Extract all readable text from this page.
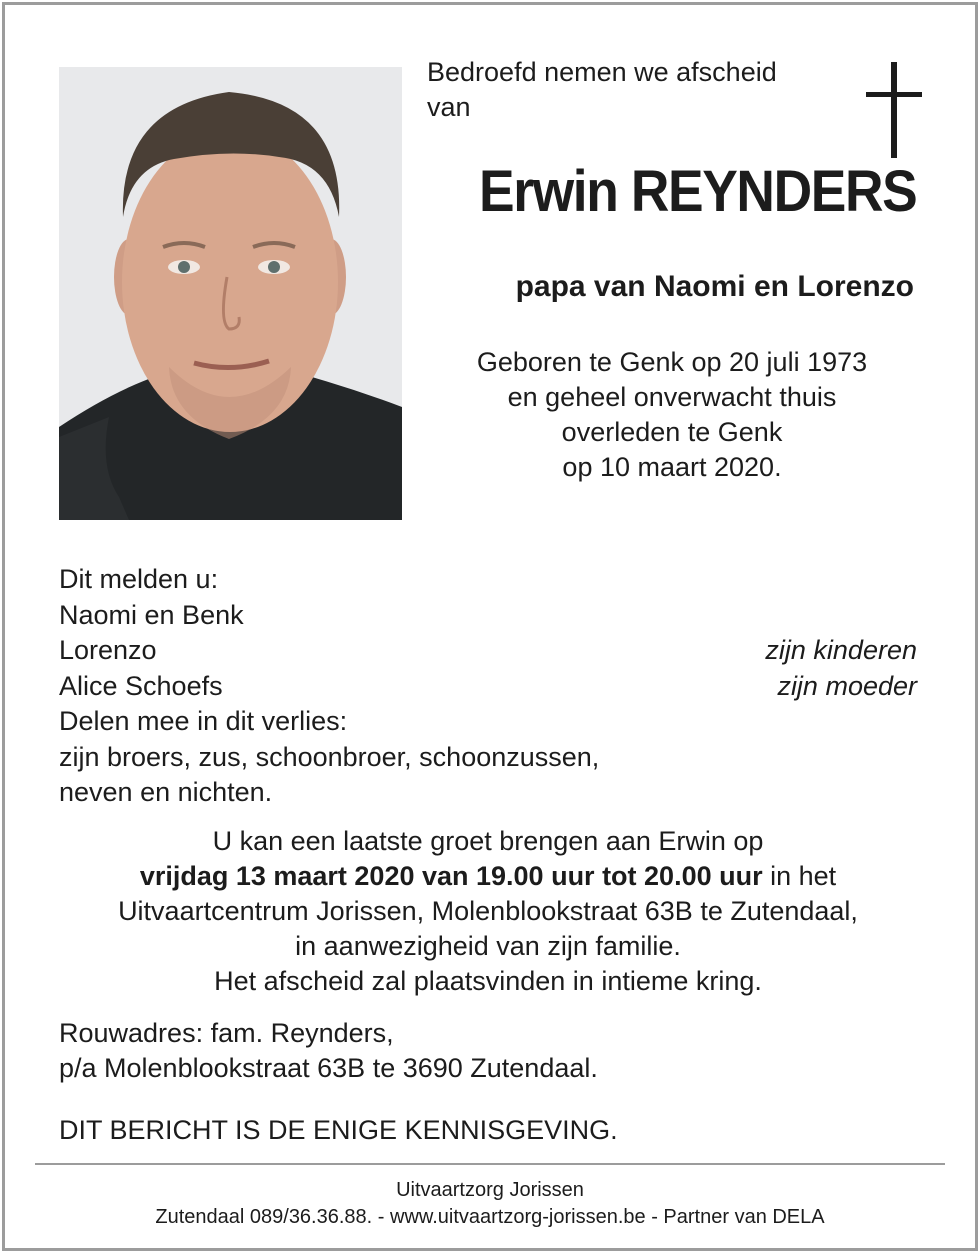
Bedroefd nemen we afscheid
van
Erwin REYNDERS
papa van Naomi en Lorenzo
Geboren te Genk op 20 juli 1973
en geheel onverwacht thuis
overleden te Genk
op 10 maart 2020.
Dit melden u:
Naomi en Benk
Lorenzo	zijn kinderen
Alice Schoefs	zijn moeder
Delen mee in dit verlies:
zijn broers, zus, schoonbroer, schoonzussen,
neven en nichten.
U kan een laatste groet brengen aan Erwin op
vrijdag 13 maart 2020 van 19.00 uur tot 20.00 uur in het
Uitvaartcentrum Jorissen, Molenblookstraat 63B te Zutendaal,
in aanwezigheid van zijn familie.
Het afscheid zal plaatsvinden in intieme kring.
Rouwadres: fam. Reynders,
p/a Molenblookstraat 63B te 3690 Zutendaal.
DIT BERICHT IS DE ENIGE KENNISGEVING.
Uitvaartzorg Jorissen
Zutendaal 089/36.36.88. - www.uitvaartzorg-jorissen.be - Partner van DELA
